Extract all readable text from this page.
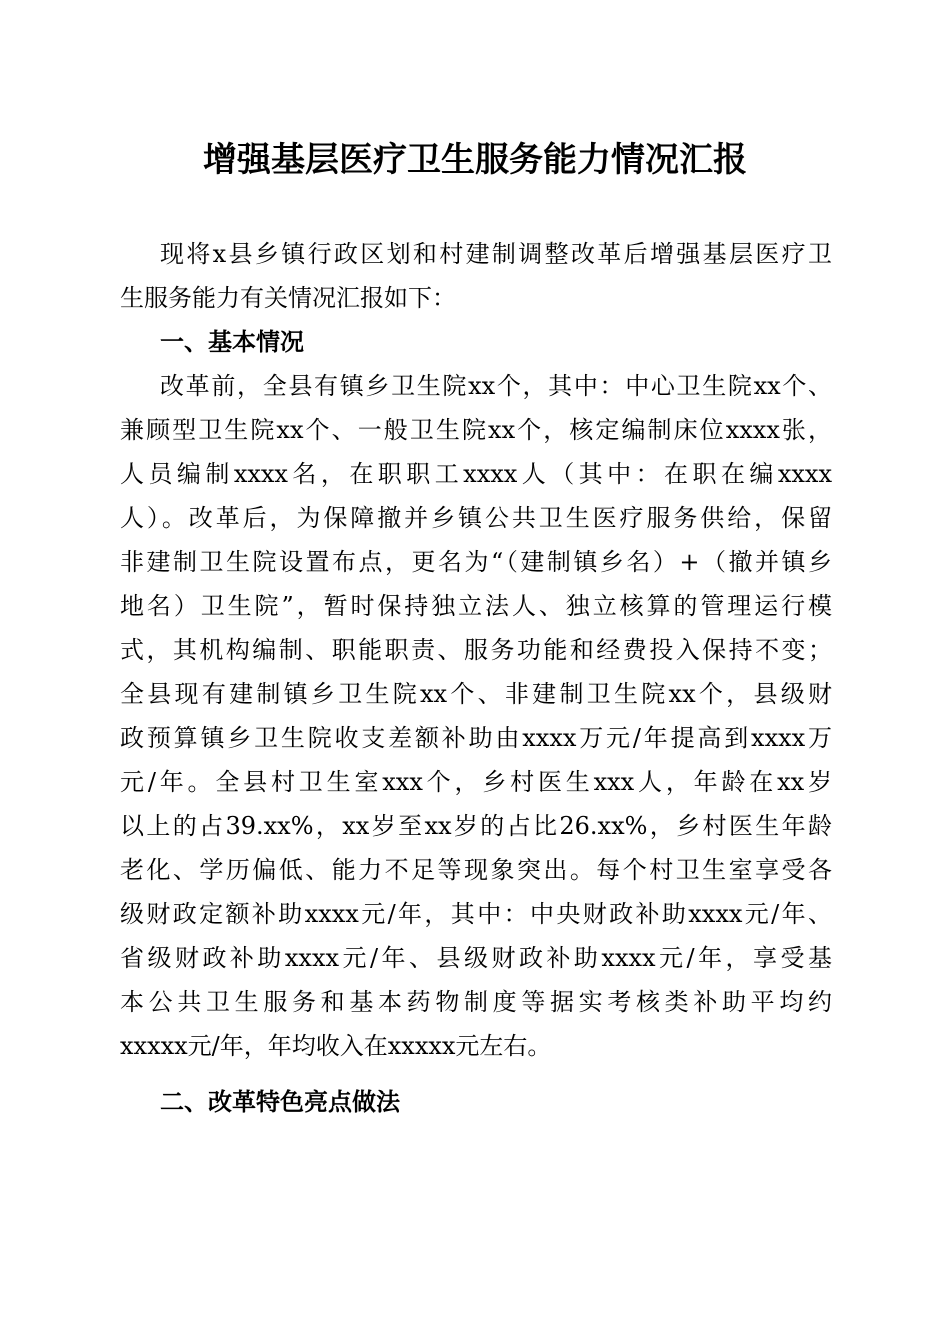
增强基层医疗卫生服务能力情况汇报
现将x县乡镇行政区划和村建制调整改革后增强基层医疗卫
生服务能力有关情况汇报如下：
一、基本情况
改革前，全县有镇乡卫生院xx个，其中：中心卫生院xx个、
兼顾型卫生院xx个、一般卫生院xx个，核定编制床位xxxx张，
人员编制xxxx名，在职职工xxxx人（其中：在职在编xxxx
人）。改革后，为保障撤并乡镇公共卫生医疗服务供给，保留
非建制卫生院设置布点，更名为“（建制镇乡名）+（撤并镇乡
地名）卫生院”，暂时保持独立法人、独立核算的管理运行模
式，其机构编制、职能职责、服务功能和经费投入保持不变；
全县现有建制镇乡卫生院xx个、非建制卫生院xx个，县级财
政预算镇乡卫生院收支差额补助由xxxx万元/年提高到xxxx万
元/年。全县村卫生室xxx个，乡村医生xxx人，年龄在xx岁
以上的占39.xx%，xx岁至xx岁的占比26.xx%，乡村医生年龄
老化、学历偏低、能力不足等现象突出。每个村卫生室享受各
级财政定额补助xxxx元/年，其中：中央财政补助xxxx元/年、
省级财政补助xxxx元/年、县级财政补助xxxx元/年，享受基
本公共卫生服务和基本药物制度等据实考核类补助平均约
xxxxx元/年，年均收入在xxxxx元左右。
二、改革特色亮点做法
